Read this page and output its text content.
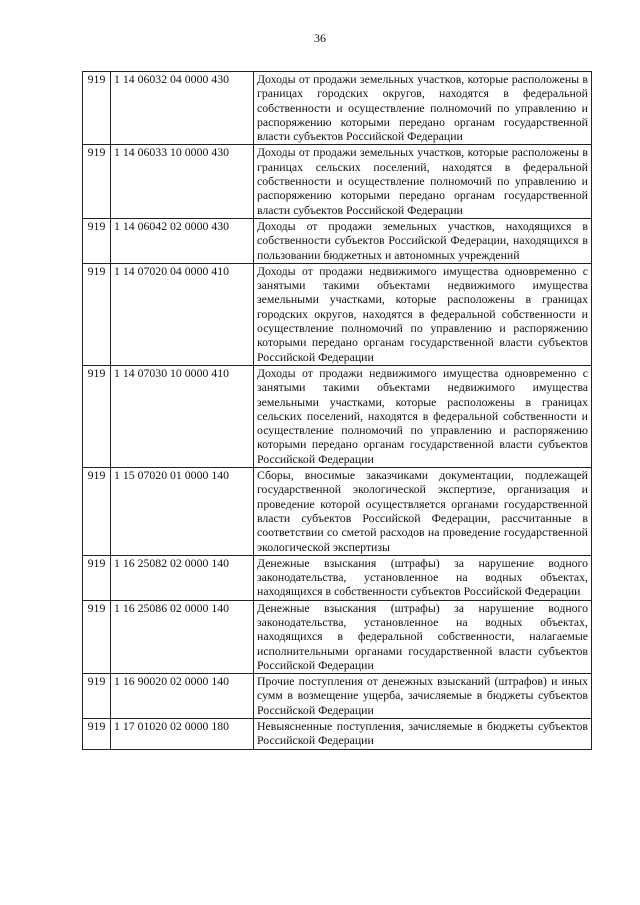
36
919	1 14 06032 04 0000 430	Доходы от продажи земельных участков, которые расположены в границах городских округов, находятся в федеральной собственности и осуществление полномочий по управлению и распоряжению которыми передано органам государственной власти субъектов Российской Федерации
919	1 14 06033 10 0000 430	Доходы от продажи земельных участков, которые расположены в границах сельских поселений, находятся в федеральной собственности и осуществление полномочий по управлению и распоряжению которыми передано органам государственной власти субъектов Российской Федерации
919	1 14 06042 02 0000 430	Доходы от продажи земельных участков, находящихся в собственности субъектов Российской Федерации, находящихся в пользовании бюджетных и автономных учреждений
919	1 14 07020 04 0000 410	Доходы от продажи недвижимого имущества одновременно с занятыми такими объектами недвижимого имущества земельными участками, которые расположены в границах городских округов, находятся в федеральной собственности и осуществление полномочий по управлению и распоряжению которыми передано органам государственной власти субъектов Российской Федерации
919	1 14 07030 10 0000 410	Доходы от продажи недвижимого имущества одновременно с занятыми такими объектами недвижимого имущества земельными участками, которые расположены в границах сельских поселений, находятся в федеральной собственности и осуществление полномочий по управлению и распоряжению которыми передано органам государственной власти субъектов Российской Федерации
919	1 15 07020 01 0000 140	Сборы, вносимые заказчиками документации, подлежащей государственной экологической экспертизе, организация и проведение которой осуществляется органами государственной власти субъектов Российской Федерации, рассчитанные в соответствии со сметой расходов на проведение государственной экологической экспертизы
919	1 16 25082 02 0000 140	Денежные взыскания (штрафы) за нарушение водного законодательства, установленное на водных объектах, находящихся в собственности субъектов Российской Федерации
919	1 16 25086 02 0000 140	Денежные взыскания (штрафы) за нарушение водного законодательства, установленное на водных объектах, находящихся в федеральной собственности, налагаемые исполнительными органами государственной власти субъектов Российской Федерации
919	1 16 90020 02 0000 140	Прочие поступления от денежных взысканий (штрафов) и иных сумм в возмещение ущерба, зачисляемые в бюджеты субъектов Российской Федерации
919	1 17 01020 02 0000 180	Невыясненные поступления, зачисляемые в бюджеты субъектов Российской Федерации
